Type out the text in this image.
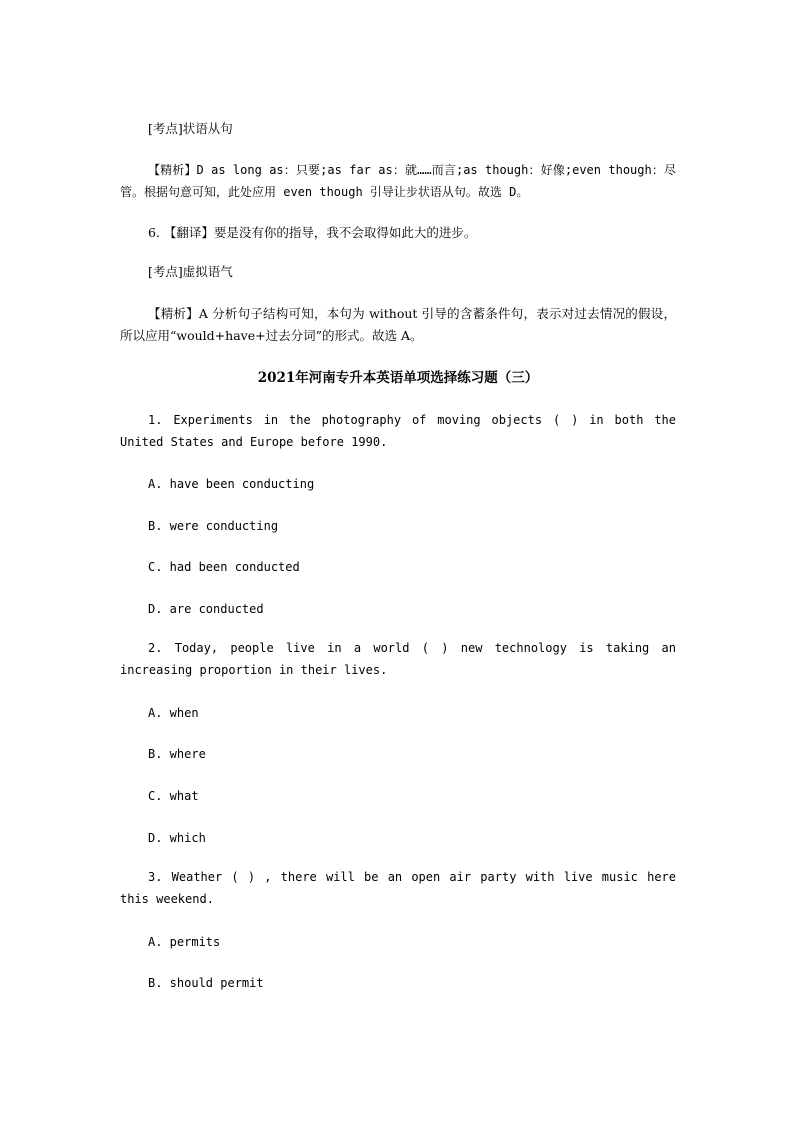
[考点]状语从句
【精析】D as long as：只要;as far as：就……而言;as though：好像;even though：尽管。根据句意可知，此处应用 even though 引导让步状语从句。故选 D。
6. 【翻译】要是没有你的指导，我不会取得如此大的进步。
[考点]虚拟语气
【精析】A 分析句子结构可知，本句为 without 引导的含蓄条件句，表示对过去情况的假设，所以应用“would+have+过去分词”的形式。故选 A。
2021年河南专升本英语单项选择练习题（三）
1. Experiments in the photography of moving objects ( ) in both the United States and Europe before 1990.
A. have been conducting
B. were conducting
C. had been conducted
D. are conducted
2. Today, people live in a world ( ) new technology is taking an increasing proportion in their lives.
A. when
B. where
C. what
D. which
3. Weather ( ) , there will be an open air party with live music here this weekend.
A. permits
B. should permit
